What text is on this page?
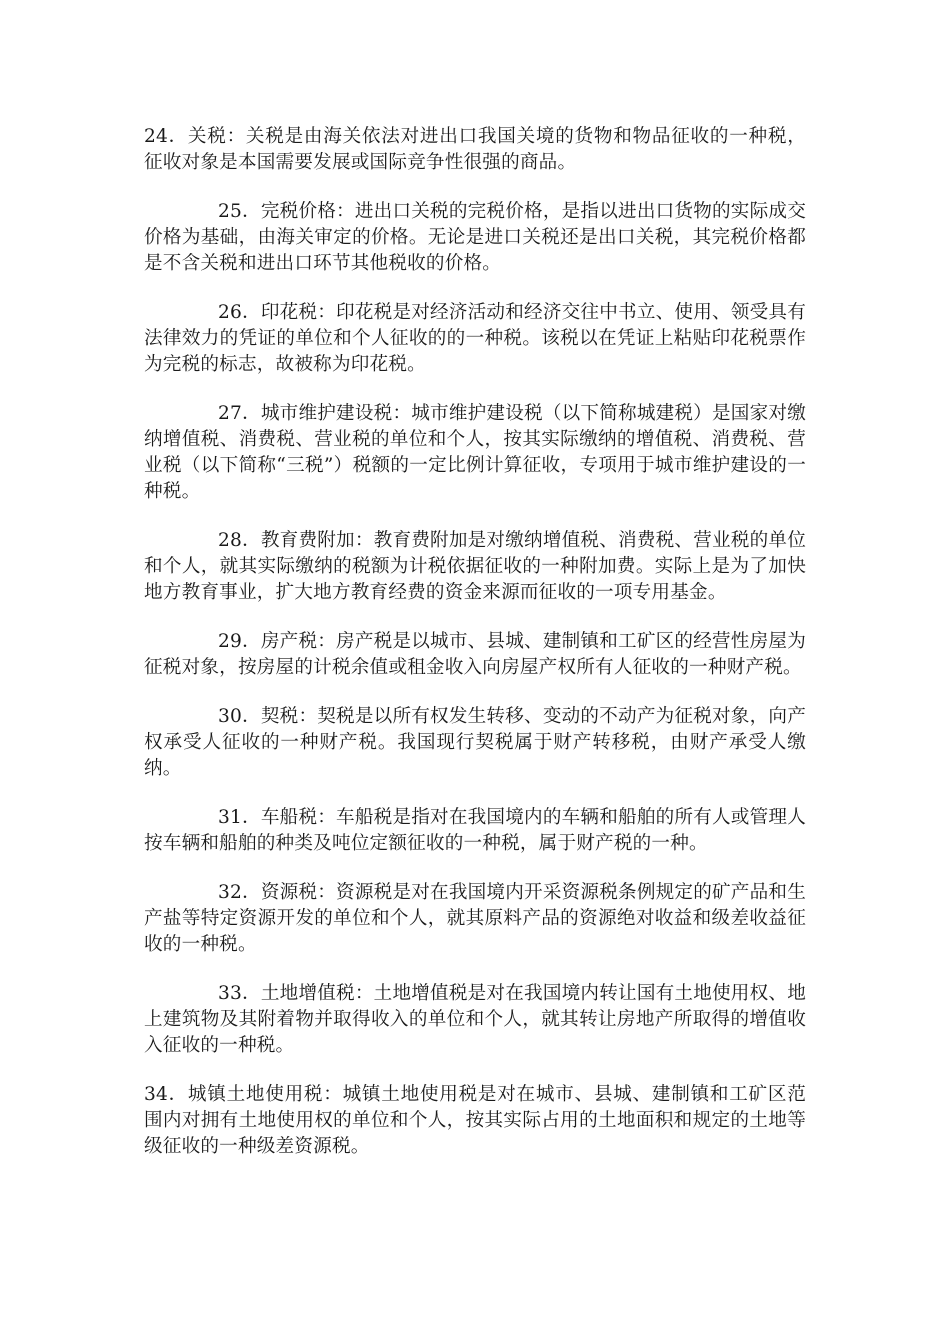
24．关税：关税是由海关依法对进出口我国关境的货物和物品征收的一种税，征收对象是本国需要发展或国际竞争性很强的商品。

25．完税价格：进出口关税的完税价格，是指以进出口货物的实际成交价格为基础，由海关审定的价格。无论是进口关税还是出口关税，其完税价格都是不含关税和进出口环节其他税收的价格。

26．印花税：印花税是对经济活动和经济交往中书立、使用、领受具有法律效力的凭证的单位和个人征收的的一种税。该税以在凭证上粘贴印花税票作为完税的标志，故被称为印花税。

27．城市维护建设税：城市维护建设税（以下简称城建税）是国家对缴纳增值税、消费税、营业税的单位和个人，按其实际缴纳的增值税、消费税、营业税（以下简称“三税”）税额的一定比例计算征收，专项用于城市维护建设的一种税。

28．教育费附加：教育费附加是对缴纳增值税、消费税、营业税的单位和个人，就其实际缴纳的税额为计税依据征收的一种附加费。实际上是为了加快地方教育事业，扩大地方教育经费的资金来源而征收的一项专用基金。

29．房产税：房产税是以城市、县城、建制镇和工矿区的经营性房屋为征税对象，按房屋的计税余值或租金收入向房屋产权所有人征收的一种财产税。

30．契税：契税是以所有权发生转移、变动的不动产为征税对象，向产权承受人征收的一种财产税。我国现行契税属于财产转移税，由财产承受人缴纳。

31．车船税：车船税是指对在我国境内的车辆和船舶的所有人或管理人按车辆和船舶的种类及吨位定额征收的一种税，属于财产税的一种。

32．资源税：资源税是对在我国境内开采资源税条例规定的矿产品和生产盐等特定资源开发的单位和个人，就其原料产品的资源绝对收益和级差收益征收的一种税。

33．土地增值税：土地增值税是对在我国境内转让国有土地使用权、地上建筑物及其附着物并取得收入的单位和个人，就其转让房地产所取得的增值收入征收的一种税。

34．城镇土地使用税：城镇土地使用税是对在城市、县城、建制镇和工矿区范围内对拥有土地使用权的单位和个人，按其实际占用的土地面积和规定的土地等级征收的一种级差资源税。
